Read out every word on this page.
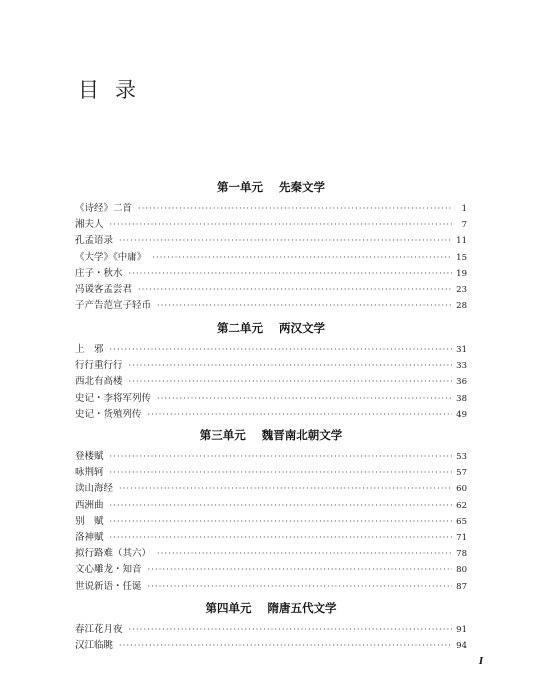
目录
第一单元 先秦文学
《诗经》二首 ·····	1
湘夫人 ·····	7
孔孟语录 ·····	11
《大学》《中庸》 ·····	15
庄子・秋水 ·····	19
冯谖客孟尝君 ·····	23
子产告范宣子轻币 ·····	28
第二单元 两汉文学
上　邪 ·····	31
行行重行行 ·····	33
西北有高楼 ·····	36
史记・李将军列传 ·····	38
史记・货殖列传 ·····	49
第三单元 魏晋南北朝文学
登楼赋 ·····	53
咏荆轲 ·····	57
读山海经 ·····	60
西洲曲 ·····	62
别　赋 ·····	65
洛神赋 ·····	71
拟行路难（其六） ·····	78
文心雕龙・知音 ·····	80
世说新语・任诞 ·····	87
第四单元 隋唐五代文学
春江花月夜 ·····	91
汉江临眺 ·····	94
I
